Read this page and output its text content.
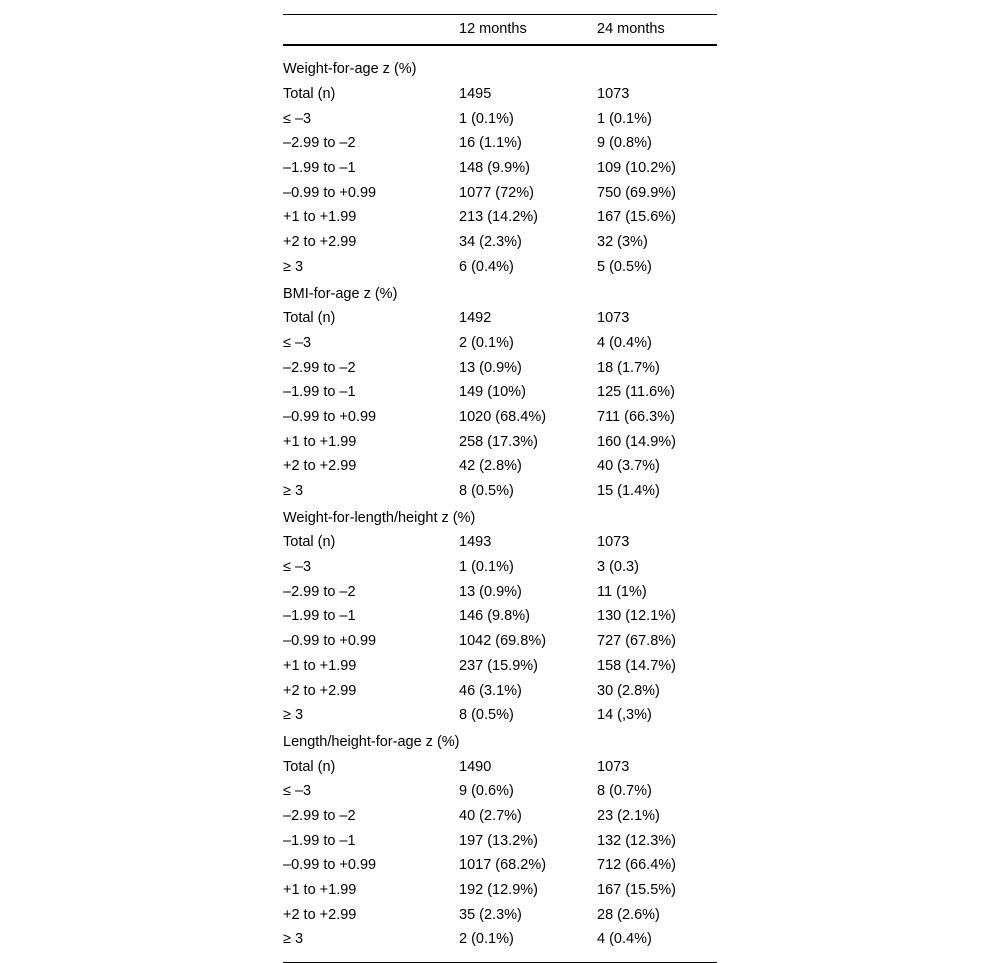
	12 months	24 months

Weight-for-age z (%)		
Total (n)	1495	1073
≤ –3	1 (0.1%)	1 (0.1%)
–2.99 to –2	16 (1.1%)	9 (0.8%)
–1.99 to –1	148 (9.9%)	109 (10.2%)
–0.99 to +0.99	1077 (72%)	750 (69.9%)
+1 to +1.99	213 (14.2%)	167 (15.6%)
+2 to +2.99	34 (2.3%)	32 (3%)
≥ 3	6 (0.4%)	5 (0.5%)
BMI-for-age z (%)		
Total (n)	1492	1073
≤ –3	2 (0.1%)	4 (0.4%)
–2.99 to –2	13 (0.9%)	18 (1.7%)
–1.99 to –1	149 (10%)	125 (11.6%)
–0.99 to +0.99	1020 (68.4%)	711 (66.3%)
+1 to +1.99	258 (17.3%)	160 (14.9%)
+2 to +2.99	42 (2.8%)	40 (3.7%)
≥ 3	8 (0.5%)	15 (1.4%)
Weight-for-length/height z (%)		
Total (n)	1493	1073
≤ –3	1 (0.1%)	3 (0.3)
–2.99 to –2	13 (0.9%)	11 (1%)
–1.99 to –1	146 (9.8%)	130 (12.1%)
–0.99 to +0.99	1042 (69.8%)	727 (67.8%)
+1 to +1.99	237 (15.9%)	158 (14.7%)
+2 to +2.99	46 (3.1%)	30 (2.8%)
≥ 3	8 (0.5%)	14 (,3%)
Length/height-for-age z (%)		
Total (n)	1490	1073
≤ –3	9 (0.6%)	8 (0.7%)
–2.99 to –2	40 (2.7%)	23 (2.1%)
–1.99 to –1	197 (13.2%)	132 (12.3%)
–0.99 to +0.99	1017 (68.2%)	712 (66.4%)
+1 to +1.99	192 (12.9%)	167 (15.5%)
+2 to +2.99	35 (2.3%)	28 (2.6%)
≥ 3	2 (0.1%)	4 (0.4%)
